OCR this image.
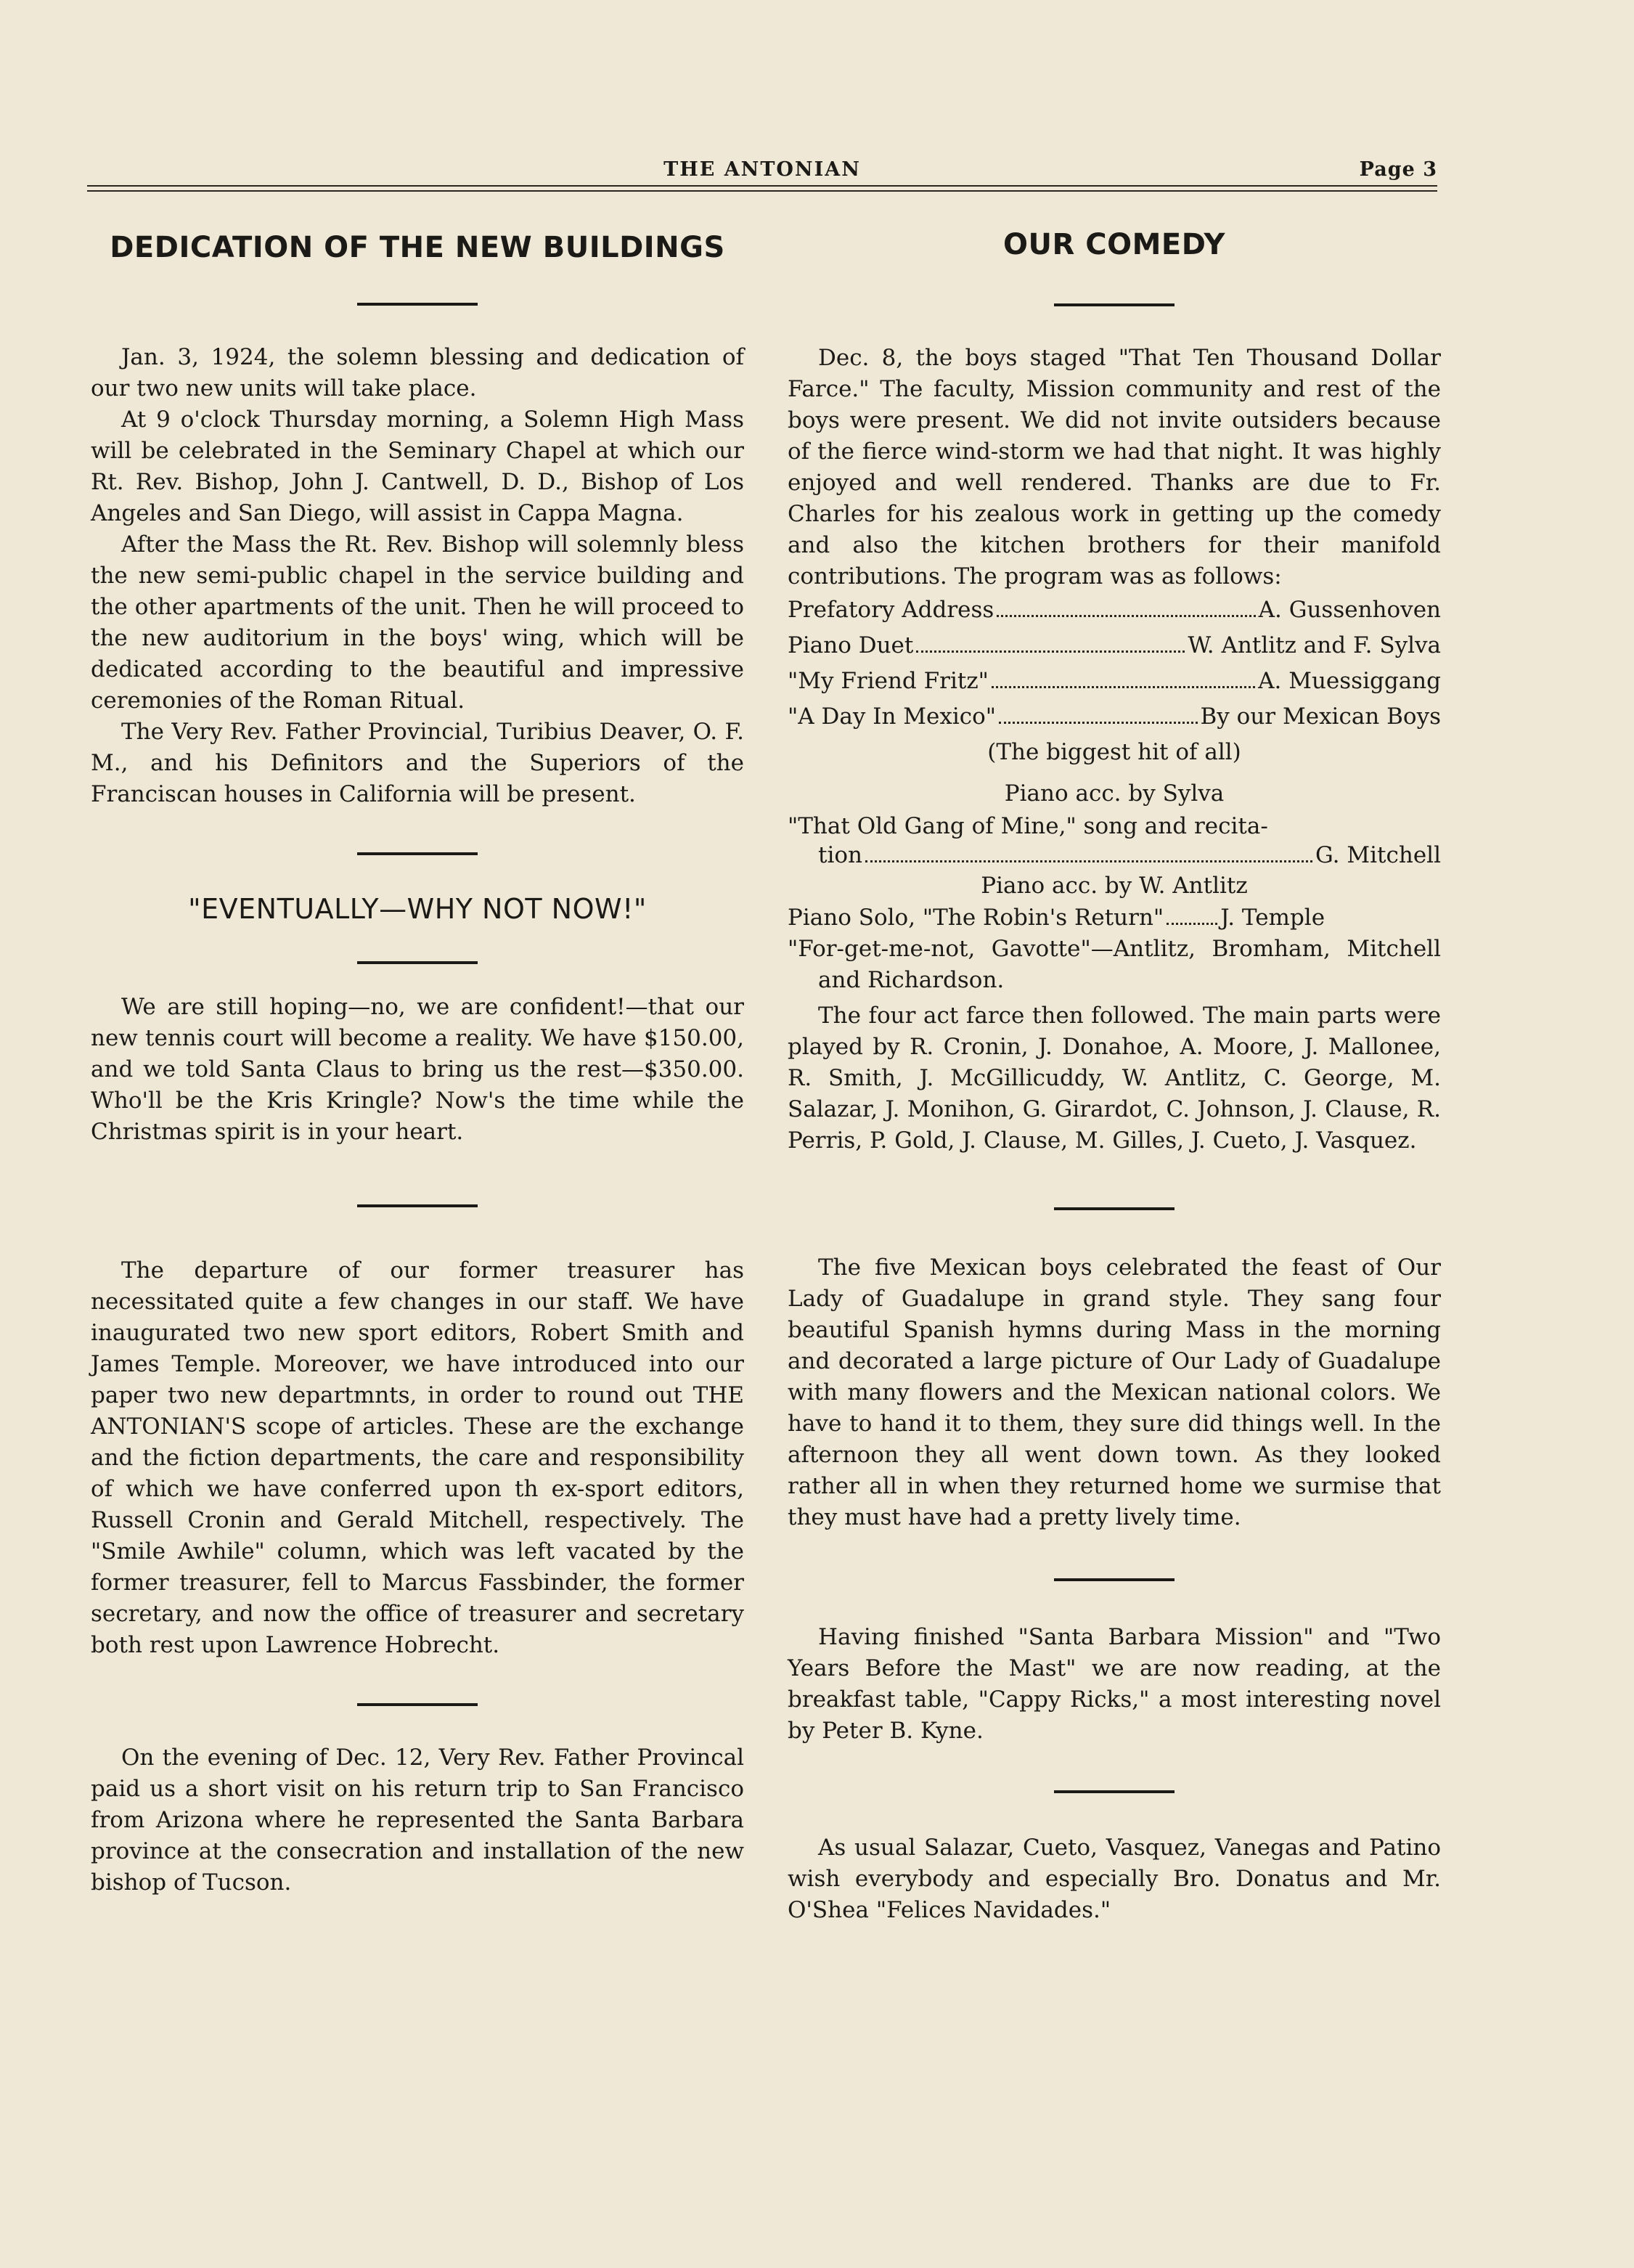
THE ANTONIAN	Page 3
DEDICATION OF THE NEW BUILDINGS

Jan. 3, 1924, the solemn blessing and dedication of our two new units will take place.

At 9 o'clock Thursday morning, a Solemn High Mass will be celebrated in the Seminary Chapel at which our Rt. Rev. Bishop, John J. Cantwell, D. D., Bishop of Los Angeles and San Diego, will assist in Cappa Magna.

After the Mass the Rt. Rev. Bishop will solemnly bless the new semi-public chapel in the service building and the other apartments of the unit. Then he will proceed to the new auditorium in the boys' wing, which will be dedicated according to the beautiful and impressive ceremonies of the Roman Ritual.

The Very Rev. Father Provincial, Turibius Deaver, O. F. M., and his Definitors and the Superiors of the Franciscan houses in California will be present.

"EVENTUALLY—WHY NOT NOW!"

We are still hoping—no, we are confident!—that our new tennis court will become a reality. We have $150.00, and we told Santa Claus to bring us the rest—$350.00. Who'll be the Kris Kringle? Now's the time while the Christmas spirit is in your heart.

The departure of our former treasurer has necessitated quite a few changes in our staff. We have inaugurated two new sport editors, Robert Smith and James Temple. Moreover, we have introduced into our paper two new departmnts, in order to round out THE ANTONIAN'S scope of articles. These are the exchange and the fiction departments, the care and responsibility of which we have conferred upon th ex-sport editors, Russell Cronin and Gerald Mitchell, respectively. The "Smile Awhile" column, which was left vacated by the former treasurer, fell to Marcus Fassbinder, the former secretary, and now the office of treasurer and secretary both rest upon Lawrence Hobrecht.

On the evening of Dec. 12, Very Rev. Father Provincal paid us a short visit on his return trip to San Francisco from Arizona where he represented the Santa Barbara province at the consecration and installation of the new bishop of Tucson.

OUR COMEDY

Dec. 8, the boys staged "That Ten Thousand Dollar Farce." The faculty, Mission community and rest of the boys were present. We did not invite outsiders because of the fierce wind-storm we had that night. It was highly enjoyed and well rendered. Thanks are due to Fr. Charles for his zealous work in getting up the comedy and also the kitchen brothers for their manifold contributions. The program was as follows:

Prefatory Address	A. Gussenhoven
Piano Duet	W. Antlitz and F. Sylva
"My Friend Fritz"	A. Muessiggang
"A Day In Mexico"	By our Mexican Boys
(The biggest hit of all)
Piano acc. by Sylva
"That Old Gang of Mine," song and recita-
tion	G. Mitchell
Piano acc. by W. Antlitz
Piano Solo, "The Robin's Return"	J. Temple

"For-get-me-not, Gavotte"—Antlitz, Bromham, Mitchell and Richardson.

The four act farce then followed. The main parts were played by R. Cronin, J. Donahoe, A. Moore, J. Mallonee, R. Smith, J. McGillicuddy, W. Antlitz, C. George, M. Salazar, J. Monihon, G. Girardot, C. Johnson, J. Clause, R. Perris, P. Gold, J. Clause, M. Gilles, J. Cueto, J. Vasquez.

The five Mexican boys celebrated the feast of Our Lady of Guadalupe in grand style. They sang four beautiful Spanish hymns during Mass in the morning and decorated a large picture of Our Lady of Guadalupe with many flowers and the Mexican national colors. We have to hand it to them, they sure did things well. In the afternoon they all went down town. As they looked rather all in when they returned home we surmise that they must have had a pretty lively time.

Having finished "Santa Barbara Mission" and "Two Years Before the Mast" we are now reading, at the breakfast table, "Cappy Ricks," a most interesting novel by Peter B. Kyne.

As usual Salazar, Cueto, Vasquez, Vanegas and Patino wish everybody and especially Bro. Donatus and Mr. O'Shea "Felices Navidades."
